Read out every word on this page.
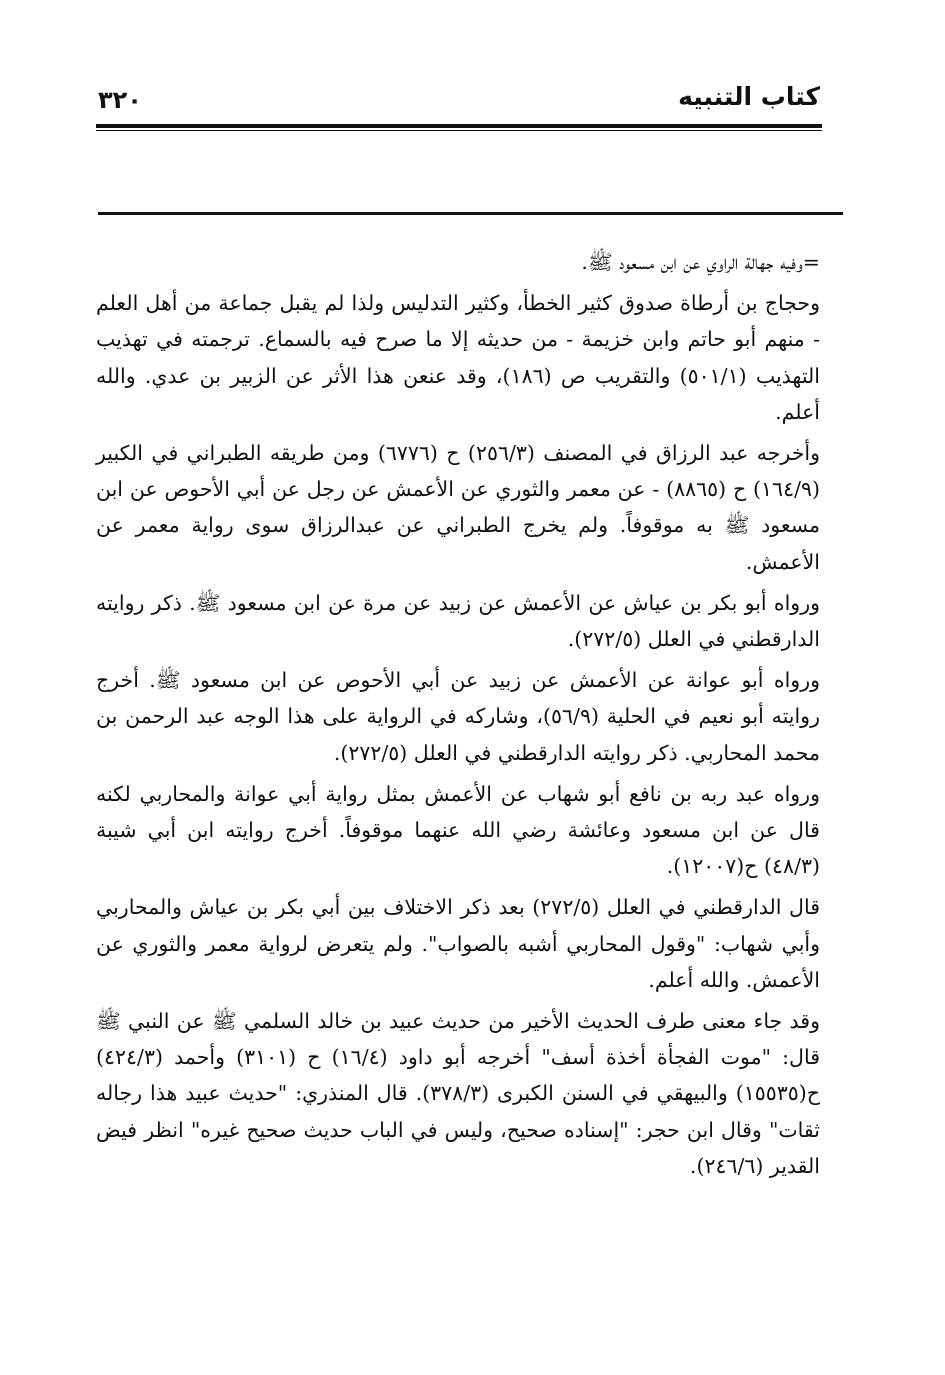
كتاب التنبيه
٣٢٠

=وفيه جهالة الراوي عن ابن مسعود ﷺ.

وحجاج بن أرطاة صدوق كثير الخطأ، وكثير التدليس ولذا لم يقبل جماعة من أهل العلم - منهم أبو حاتم وابن خزيمة - من حديثه إلا ما صرح فيه بالسماع. ترجمته في تهذيب التهذيب (٥٠١/١) والتقريب ص (١٨٦)، وقد عنعن هذا الأثر عن الزبير بن عدي. والله أعلم.

وأخرجه عبد الرزاق في المصنف (٢٥٦/٣) ح (٦٧٧٦) ومن طريقه الطبراني في الكبير (١٦٤/٩) ح (٨٨٦٥) - عن معمر والثوري عن الأعمش عن رجل عن أبي الأحوص عن ابن مسعود ﷺ به موقوفاً. ولم يخرج الطبراني عن عبدالرزاق سوى رواية معمر عن الأعمش.

ورواه أبو بكر بن عياش عن الأعمش عن زبيد عن مرة عن ابن مسعود ﷺ. ذكر روايته الدارقطني في العلل (٢٧٢/٥).

ورواه أبو عوانة عن الأعمش عن زبيد عن أبي الأحوص عن ابن مسعود ﷺ. أخرج روايته أبو نعيم في الحلية (٥٦/٩)، وشاركه في الرواية على هذا الوجه عبد الرحمن بن محمد المحاربي. ذكر روايته الدارقطني في العلل (٢٧٢/٥).

ورواه عبد ربه بن نافع أبو شهاب عن الأعمش بمثل رواية أبي عوانة والمحاربي لكنه قال عن ابن مسعود وعائشة رضي الله عنهما موقوفاً. أخرج روايته ابن أبي شيبة (٤٨/٣) ح(١٢٠٠٧).

قال الدارقطني في العلل (٢٧٢/٥) بعد ذكر الاختلاف بين أبي بكر بن عياش والمحاربي وأبي شهاب: "وقول المحاربي أشبه بالصواب". ولم يتعرض لرواية معمر والثوري عن الأعمش. والله أعلم.

وقد جاء معنى طرف الحديث الأخير من حديث عبيد بن خالد السلمي ﷺ عن النبي ﷺ قال: "موت الفجأة أخذة أسف" أخرجه أبو داود (١٦/٤) ح (٣١٠١) وأحمد (٤٢٤/٣) ح(١٥٥٣٥) والبيهقي في السنن الكبرى (٣٧٨/٣). قال المنذري: "حديث عبيد هذا رجاله ثقات" وقال ابن حجر: "إسناده صحيح، وليس في الباب حديث صحيح غيره" انظر فيض القدير (٢٤٦/٦).
